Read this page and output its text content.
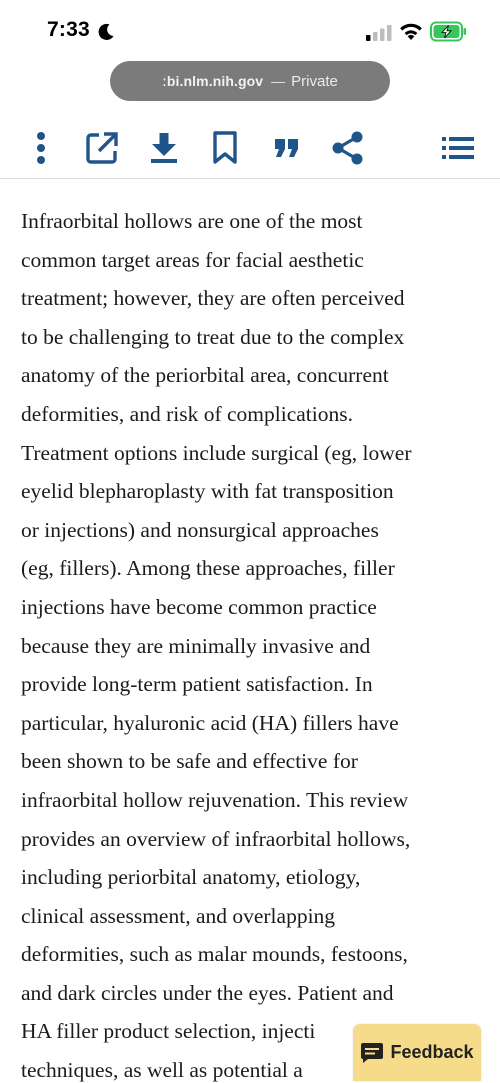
7:33
ːbi.nlm.nih.gov — Private

Infraorbital hollows are one of the most
common target areas for facial aesthetic
treatment; however, they are often perceived
to be challenging to treat due to the complex
anatomy of the periorbital area, concurrent
deformities, and risk of complications.
Treatment options include surgical (eg, lower
eyelid blepharoplasty with fat transposition
or injections) and nonsurgical approaches
(eg, fillers). Among these approaches, filler
injections have become common practice
because they are minimally invasive and
provide long-term patient satisfaction. In
particular, hyaluronic acid (HA) fillers have
been shown to be safe and effective for
infraorbital hollow rejuvenation. This review
provides an overview of infraorbital hollows,
including periorbital anatomy, etiology,
clinical assessment, and overlapping
deformities, such as malar mounds, festoons,
and dark circles under the eyes. Patient and
HA filler product selection, injecti
techniques, as well as potential a

Feedback
